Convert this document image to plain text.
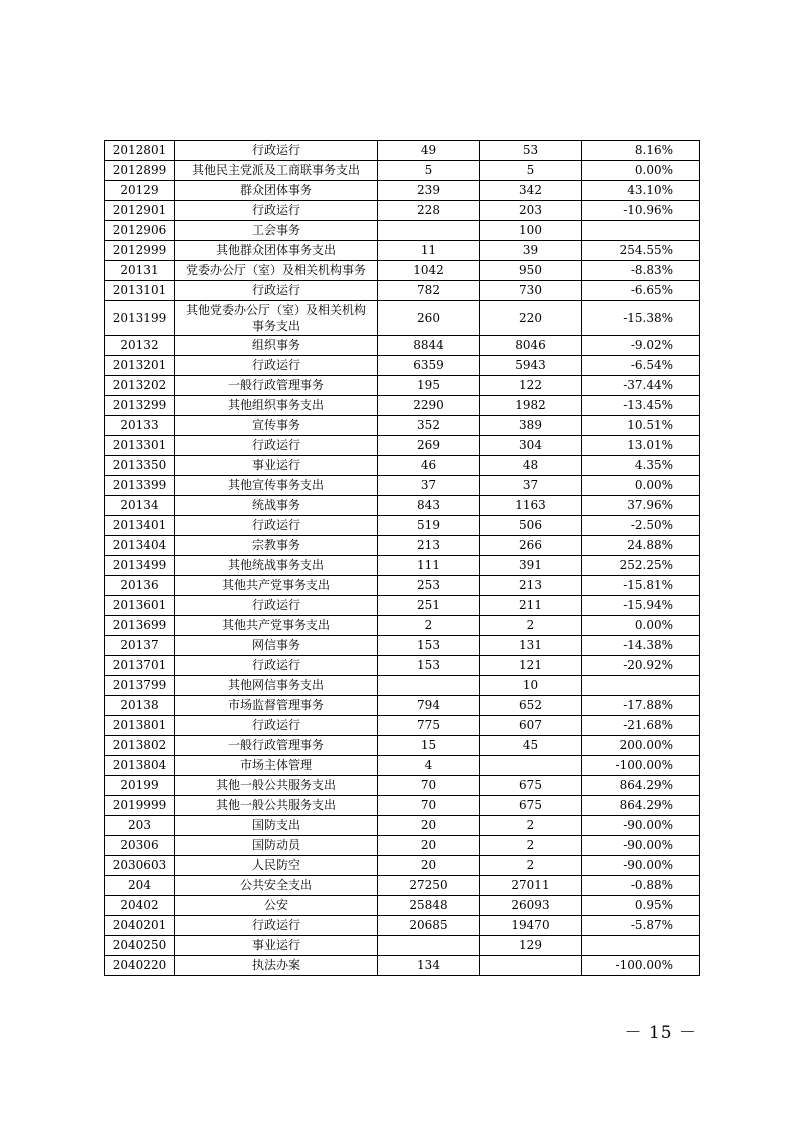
2012801	行政运行	49	53	8.16%
2012899	其他民主党派及工商联事务支出	5	5	0.00%
20129	群众团体事务	239	342	43.10%
2012901	行政运行	228	203	-10.96%
2012906	工会事务		100	
2012999	其他群众团体事务支出	11	39	254.55%
20131	党委办公厅（室）及相关机构事务	1042	950	-8.83%
2013101	行政运行	782	730	-6.65%
2013199	其他党委办公厅（室）及相关机构
事务支出	260	220	-15.38%
20132	组织事务	8844	8046	-9.02%
2013201	行政运行	6359	5943	-6.54%
2013202	一般行政管理事务	195	122	-37.44%
2013299	其他组织事务支出	2290	1982	-13.45%
20133	宣传事务	352	389	10.51%
2013301	行政运行	269	304	13.01%
2013350	事业运行	46	48	4.35%
2013399	其他宣传事务支出	37	37	0.00%
20134	统战事务	843	1163	37.96%
2013401	行政运行	519	506	-2.50%
2013404	宗教事务	213	266	24.88%
2013499	其他统战事务支出	111	391	252.25%
20136	其他共产党事务支出	253	213	-15.81%
2013601	行政运行	251	211	-15.94%
2013699	其他共产党事务支出	2	2	0.00%
20137	网信事务	153	131	-14.38%
2013701	行政运行	153	121	-20.92%
2013799	其他网信事务支出		10	
20138	市场监督管理事务	794	652	-17.88%
2013801	行政运行	775	607	-21.68%
2013802	一般行政管理事务	15	45	200.00%
2013804	市场主体管理	4		-100.00%
20199	其他一般公共服务支出	70	675	864.29%
2019999	其他一般公共服务支出	70	675	864.29%
203	国防支出	20	2	-90.00%
20306	国防动员	20	2	-90.00%
2030603	人民防空	20	2	-90.00%
204	公共安全支出	27250	27011	-0.88%
20402	公安	25848	26093	0.95%
2040201	行政运行	20685	19470	-5.87%
2040250	事业运行		129	
2040220	执法办案	134		-100.00%
－ 15 －
